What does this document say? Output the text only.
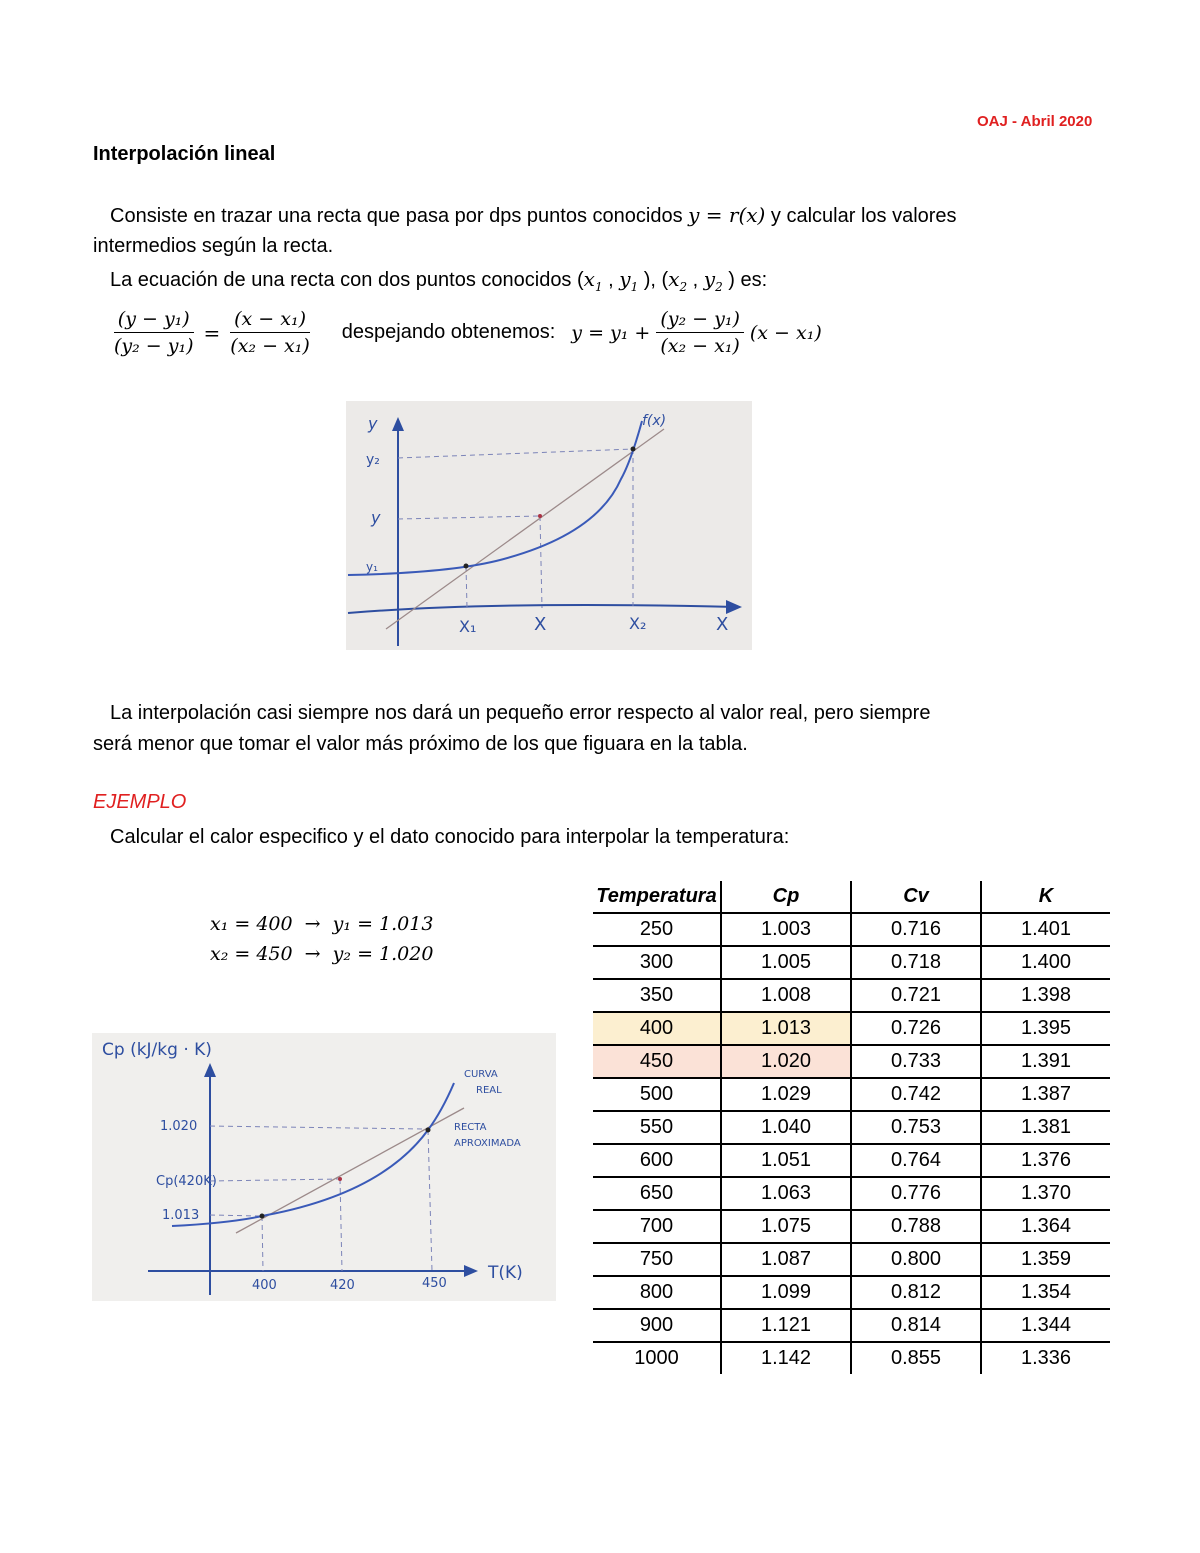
OAJ - Abril 2020
Interpolación lineal
Consiste en trazar una recta que pasa por dps puntos conocidos y = r(x) y calcular los valores
intermedios según la recta.
La ecuación de una recta con dos puntos conocidos ($x_1$ , $y_1$ ), ($x_2$ , $y_2$ ) es:
$\frac{\text{(y − y₁)}}{\text{(y₂ − y₁)}} = \frac{\text{(x − x₁)}}{\text{(x₂ − x₁)}}$ despejando obtenemos: $y = y_1 + \frac{\text{(y₂ − y₁)}}{\text{(x₂ − x₁)}} (x - x_1)$
y
y₂
y
y₁
f(x)
X₁	X	X₂	X
La interpolación casi siempre nos dará un pequeño error respecto al valor real, pero siempre
será menor que tomar el valor más próximo de los que figuara en la tabla.
EJEMPLO
Calcular el calor especifico y el dato conocido para interpolar la temperatura:
x₁ = 400  →  y₁ = 1.013
x₂ = 450  →  y₂ = 1.020
Cp (kJ/kg · K)
1.020
Cp(420K)
1.013
CURVA
REAL
RECTA
APROXIMADA
400	420	450
T(K)
Temperatura	Cp	Cv	K
250	1.003	0.716	1.401
300	1.005	0.718	1.400
350	1.008	0.721	1.398
400	1.013	0.726	1.395
450	1.020	0.733	1.391
500	1.029	0.742	1.387
550	1.040	0.753	1.381
600	1.051	0.764	1.376
650	1.063	0.776	1.370
700	1.075	0.788	1.364
750	1.087	0.800	1.359
800	1.099	0.812	1.354
900	1.121	0.814	1.344
1000	1.142	0.855	1.336
